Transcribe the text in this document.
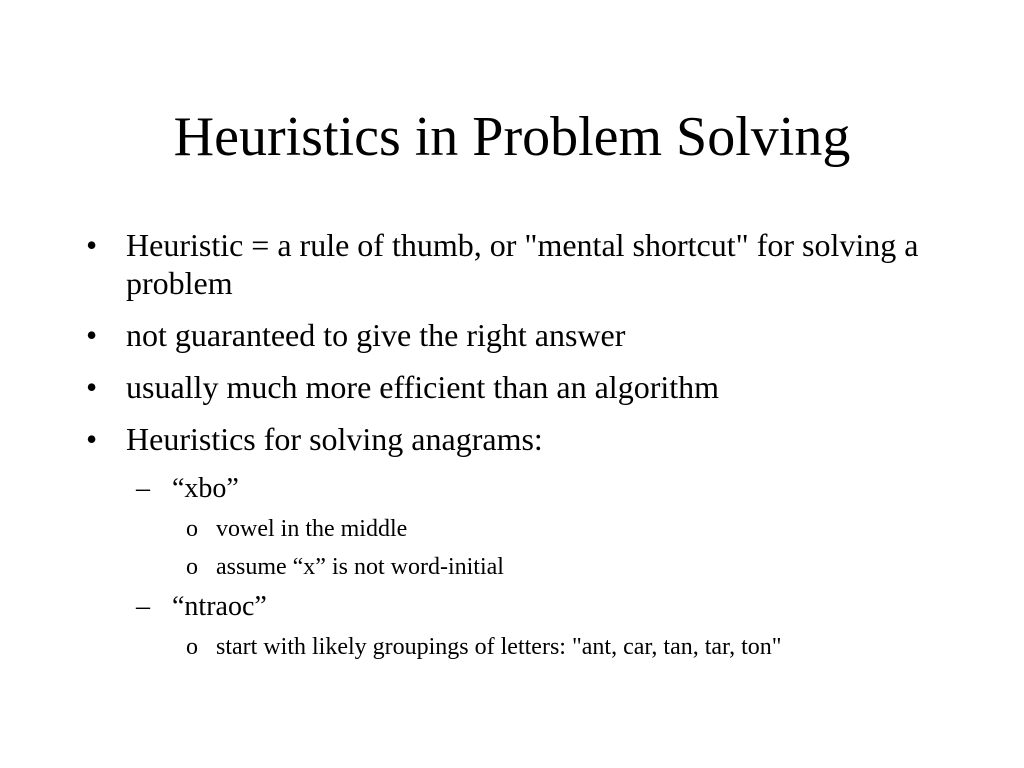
Heuristics in Problem Solving
• Heuristic = a rule of thumb, or "mental shortcut" for solving a problem
• not guaranteed to give the right answer
• usually much more efficient than an algorithm
• Heuristics for solving anagrams:
– “xbo”
o vowel in the middle
o assume “x” is not word-initial
– “ntraoc”
o start with likely groupings of letters: "ant, car, tan, tar, ton"
